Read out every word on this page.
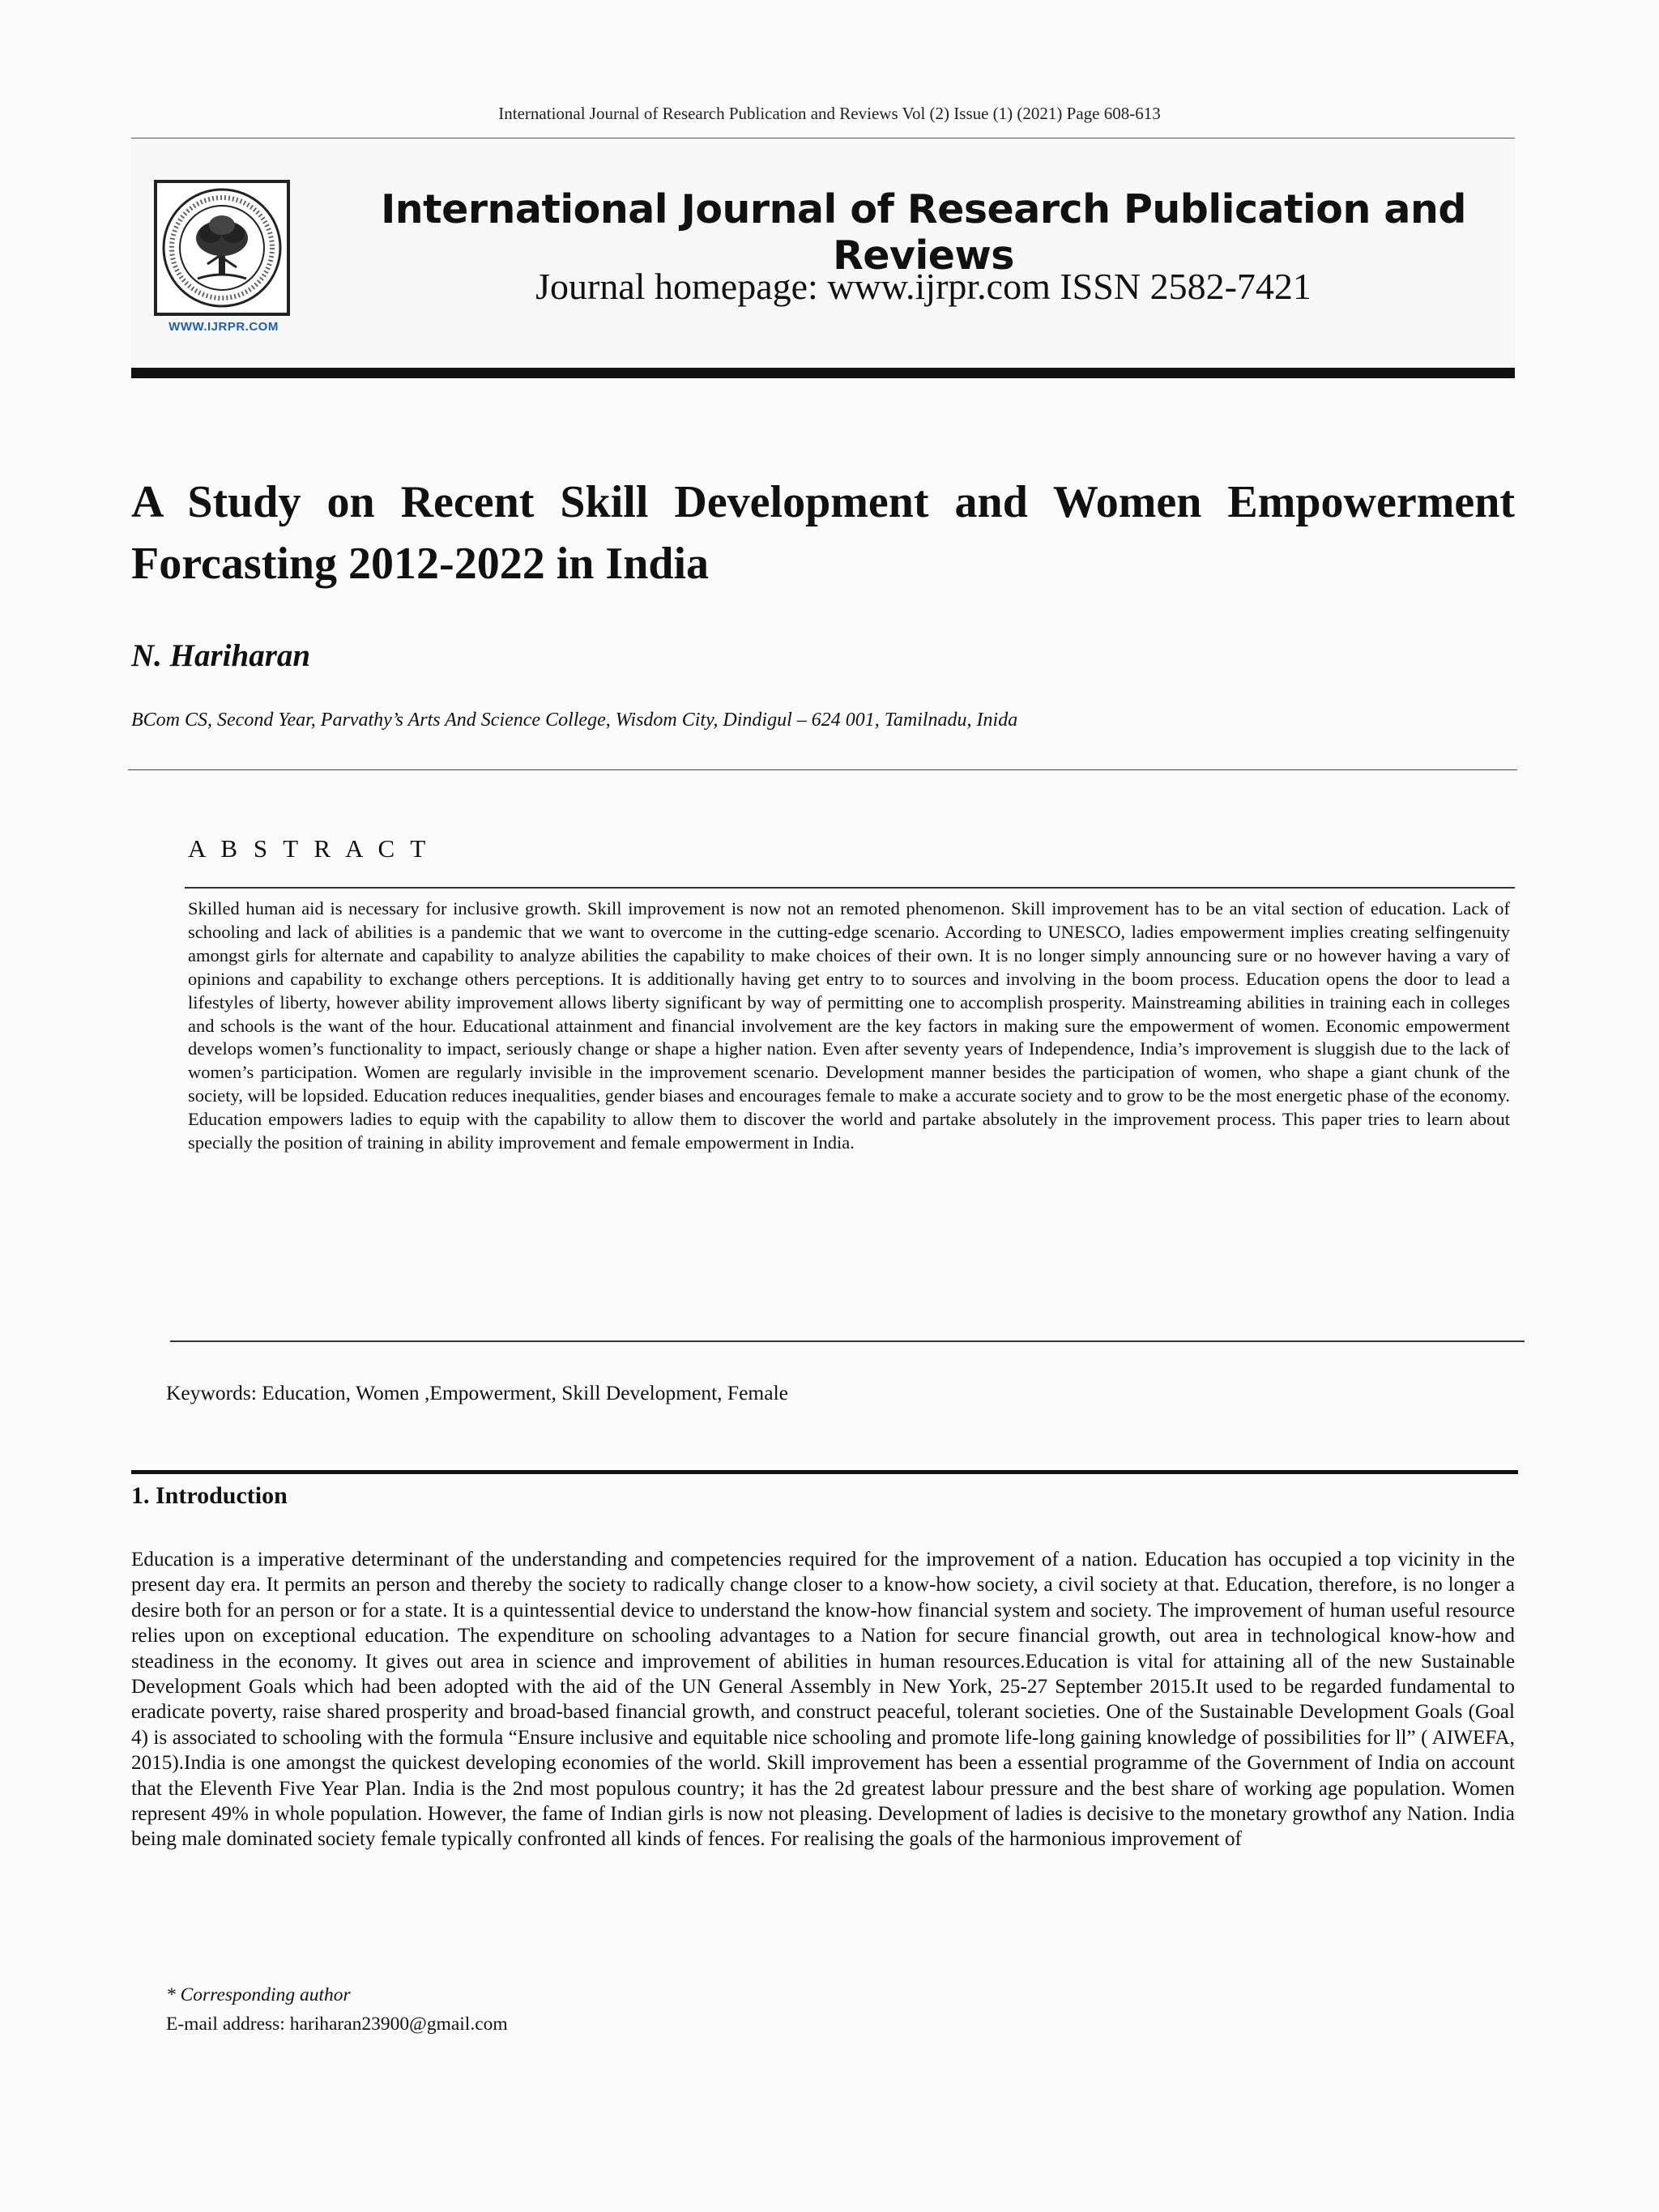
International Journal of Research Publication and Reviews Vol (2) Issue (1) (2021) Page 608-613
WWW.IJRPR.COM
International Journal of Research Publication and Reviews
Journal homepage: www.ijrpr.com ISSN 2582-7421
A Study on Recent Skill Development and Women Empowerment Forcasting 2012-2022 in India
N. Hariharan
BCom CS, Second Year, Parvathy’s Arts And Science College, Wisdom City, Dindigul – 624 001, Tamilnadu, Inida
A B S T R A C T
Skilled human aid is necessary for inclusive growth. Skill improvement is now not an remoted phenomenon. Skill improvement has to be an vital section of education. Lack of schooling and lack of abilities is a pandemic that we want to overcome in the cutting-edge scenario. According to UNESCO, ladies empowerment implies creating selfingenuity amongst girls for alternate and capability to analyze abilities the capability to make choices of their own. It is no longer simply announcing sure or no however having a vary of opinions and capability to exchange others perceptions. It is additionally having get entry to to sources and involving in the boom process. Education opens the door to lead a lifestyles of liberty, however ability improvement allows liberty significant by way of permitting one to accomplish prosperity. Mainstreaming abilities in training each in colleges and schools is the want of the hour. Educational attainment and financial involvement are the key factors in making sure the empowerment of women. Economic empowerment develops women’s functionality to impact, seriously change or shape a higher nation. Even after seventy years of Independence, India’s improvement is sluggish due to the lack of women’s participation. Women are regularly invisible in the improvement scenario. Development manner besides the participation of women, who shape a giant chunk of the society, will be lopsided. Education reduces inequalities, gender biases and encourages female to make a accurate society and to grow to be the most energetic phase of the economy. Education empowers ladies to equip with the capability to allow them to discover the world and partake absolutely in the improvement process. This paper tries to learn about specially the position of training in ability improvement and female empowerment in India.
Keywords: Education, Women ,Empowerment, Skill Development, Female
1. Introduction
Education is a imperative determinant of the understanding and competencies required for the improvement of a nation. Education has occupied a top vicinity in the present day era. It permits an person and thereby the society to radically change closer to a know-how society, a civil society at that. Education, therefore, is no longer a desire both for an person or for a state. It is a quintessential device to understand the know-how financial system and society. The improvement of human useful resource relies upon on exceptional education. The expenditure on schooling advantages to a Nation for secure financial growth, out area in technological know-how and steadiness in the economy. It gives out area in science and improvement of abilities in human resources.Education is vital for attaining all of the new Sustainable Development Goals which had been adopted with the aid of the UN General Assembly in New York, 25-27 September 2015.It used to be regarded fundamental to eradicate poverty, raise shared prosperity and broad-based financial growth, and construct peaceful, tolerant societies. One of the Sustainable Development Goals (Goal 4) is associated to schooling with the formula “Ensure inclusive and equitable nice schooling and promote life-long gaining knowledge of possibilities for ll” ( AIWEFA, 2015).India is one amongst the quickest developing economies of the world. Skill improvement has been a essential programme of the Government of India on account that the Eleventh Five Year Plan. India is the 2nd most populous country; it has the 2d greatest labour pressure and the best share of working age population. Women represent 49% in whole population. However, the fame of Indian girls is now not pleasing. Development of ladies is decisive to the monetary growthof any Nation. India being male dominated society female typically confronted all kinds of fences. For realising the goals of the harmonious improvement of
* Corresponding author
E-mail address: hariharan23900@gmail.com
